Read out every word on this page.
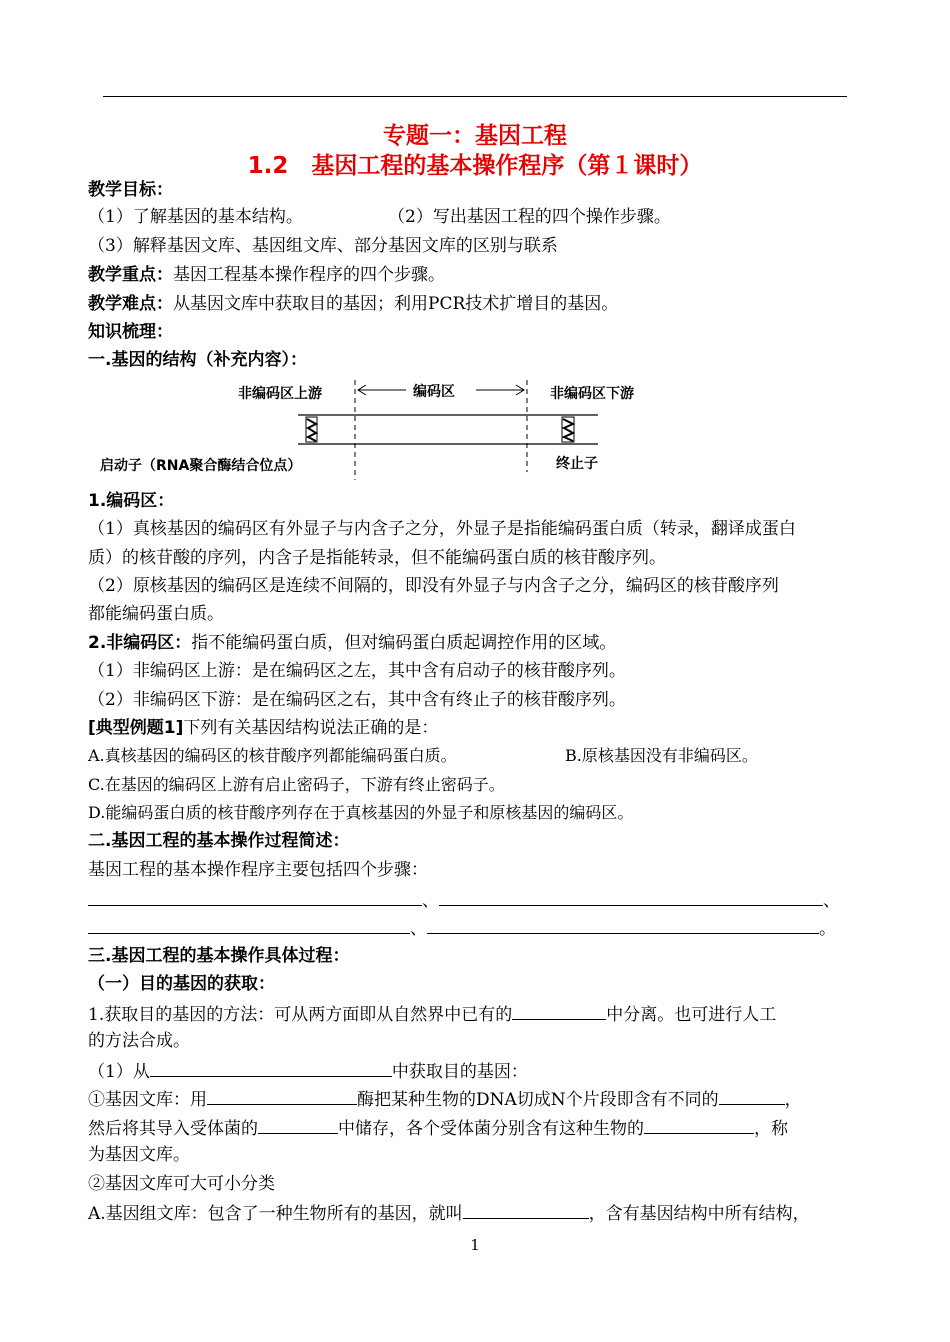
专题一：基因工程
1.2　基因工程的基本操作程序（第１课时）
教学目标：
（1）了解基因的基本结构。	（2）写出基因工程的四个操作步骤。
（3）解释基因文库、基因组文库、部分基因文库的区别与联系
教学重点：基因工程基本操作程序的四个步骤。
教学难点：从基因文库中获取目的基因；利用PCR技术扩增目的基因。
知识梳理：
一.基因的结构（补充内容）：
非编码区上游	编码区	非编码区下游
启动子（RNA聚合酶结合位点）	终止子
1.编码区：
（1）真核基因的编码区有外显子与内含子之分，外显子是指能编码蛋白质（转录，翻译成蛋白
质）的核苷酸的序列，内含子是指能转录，但不能编码蛋白质的核苷酸序列。
（2）原核基因的编码区是连续不间隔的，即没有外显子与内含子之分，编码区的核苷酸序列
都能编码蛋白质。
2.非编码区：指不能编码蛋白质，但对编码蛋白质起调控作用的区域。
（1）非编码区上游：是在编码区之左，其中含有启动子的核苷酸序列。
（2）非编码区下游：是在编码区之右，其中含有终止子的核苷酸序列。
[典型例题1]下列有关基因结构说法正确的是：
A.真核基因的编码区的核苷酸序列都能编码蛋白质。	B.原核基因没有非编码区。
C.在基因的编码区上游有启止密码子，下游有终止密码子。
D.能编码蛋白质的核苷酸序列存在于真核基因的外显子和原核基因的编码区。
二.基因工程的基本操作过程简述：
基因工程的基本操作程序主要包括四个步骤：
、	、
、	。
三.基因工程的基本操作具体过程：
（一）目的基因的获取：
1.获取目的基因的方法：可从两方面即从自然界中已有的	中分离。也可进行人工
的方法合成。
（1）从	中获取目的基因：
①基因文库：用	酶把某种生物的DNA切成N个片段即含有不同的	，
然后将其导入受体菌的	中储存，各个受体菌分别含有这种生物的	，称
为基因文库。
②基因文库可大可小分类
A.基因组文库：包含了一种生物所有的基因，就叫	，含有基因结构中所有结构，
1
